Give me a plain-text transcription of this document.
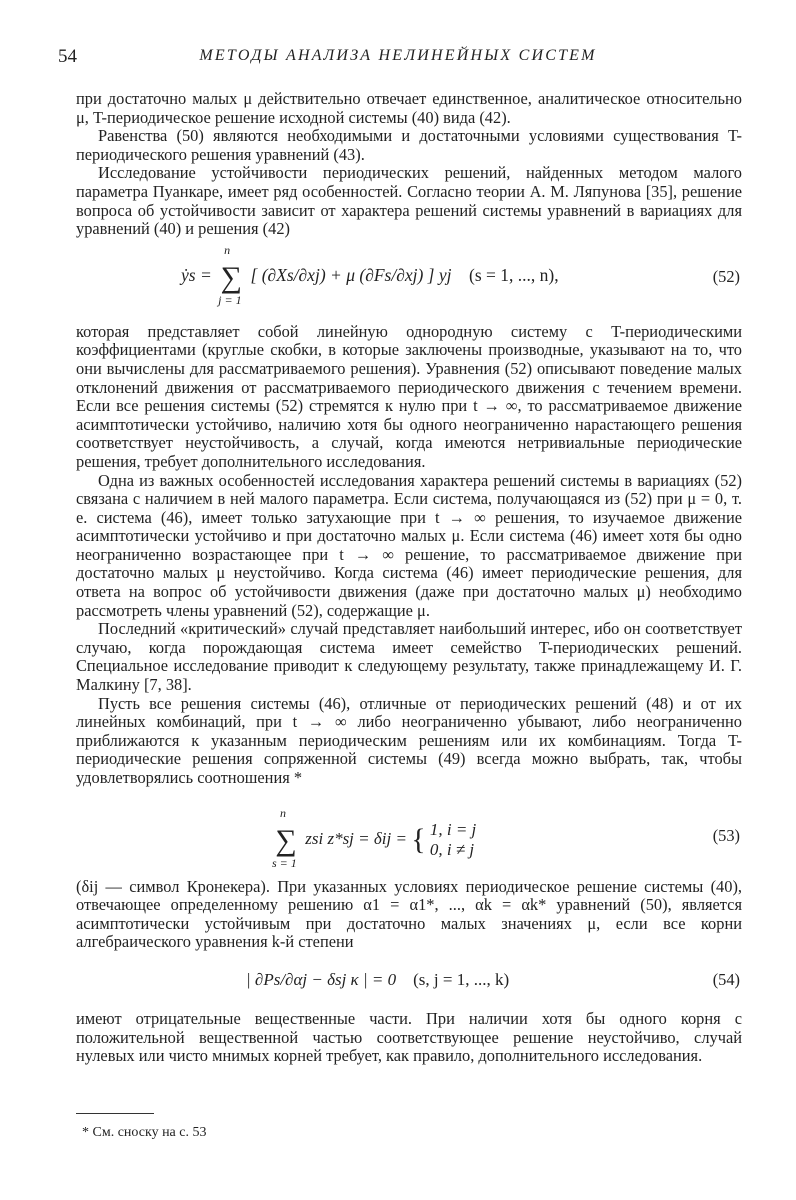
54	МЕТОДЫ АНАЛИЗА НЕЛИНЕЙНЫХ СИСТЕМ

при достаточно малых μ действительно отвечает единственное, аналитическое относительно μ, T-периодическое решение исходной системы (40) вида (42).

Равенства (50) являются необходимыми и достаточными условиями существования T-периодического решения уравнений (43).

Исследование устойчивости периодических решений, найденных методом малого параметра Пуанкаре, имеет ряд особенностей. Согласно теории А. М. Ляпунова [35], решение вопроса об устойчивости зависит от характера решений системы уравнений в вариациях для уравнений (40) и решения (42)

ẏs =
n
∑
j = 1
[ (∂Xs/∂xj) + μ (∂Fs/∂xj) ] yj (s = 1, ..., n),	(52)

которая представляет собой линейную однородную систему с T-периодическими коэффициентами (круглые скобки, в которые заключены производные, указывают на то, что они вычислены для рассматриваемого решения). Уравнения (52) описывают поведение малых отклонений движения от рассматриваемого периодического движения с течением времени. Если все решения системы (52) стремятся к нулю при t → ∞, то рассматриваемое движение асимптотически устойчиво, наличию хотя бы одного неограниченно нарастающего решения соответствует неустойчивость, а случай, когда имеются нетривиальные периодические решения, требует дополнительного исследования.

Одна из важных особенностей исследования характера решений системы в вариациях (52) связана с наличием в ней малого параметра. Если система, получающаяся из (52) при μ = 0, т. е. система (46), имеет только затухающие при t → ∞ решения, то изучаемое движение асимптотически устойчиво и при достаточно малых μ. Если система (46) имеет хотя бы одно неограниченно возрастающее при t → ∞ решение, то рассматриваемое движение при достаточно малых μ неустойчиво. Когда система (46) имеет периодические решения, для ответа на вопрос об устойчивости движения (даже при достаточно малых μ) необходимо рассмотреть члены уравнений (52), содержащие μ.

Последний «критический» случай представляет наибольший интерес, ибо он соответствует случаю, когда порождающая система имеет семейство T-периодических решений. Специальное исследование приводит к следующему результату, также принадлежащему И. Г. Малкину [7, 38].

Пусть все решения системы (46), отличные от периодических решений (48) и от их линейных комбинаций, при t → ∞ либо неограниченно убывают, либо неограниченно приближаются к указанным периодическим решениям или их комбинациям. Тогда T-периодические решения сопряженной системы (49) всегда можно выбрать, так, чтобы удовлетворялись соотношения *

n
∑
s = 1
zsi z*sj = δij = { 1, i = j
0, i ≠ j
(53)

(δij — символ Кронекера). При указанных условиях периодическое решение системы (40), отвечающее определенному решению α1 = α1*, ..., αk = αk* уравнений (50), является асимптотически устойчивым при достаточно малых значениях μ, если все корни алгебраического уравнения k-й степени

| ∂Ps/∂αj − δsj κ | = 0 (s, j = 1, ..., k)	(54)

имеют отрицательные вещественные части. При наличии хотя бы одного корня с положительной вещественной частью соответствующее решение неустойчиво, случай нулевых или чисто мнимых корней требует, как правило, дополнительного исследования.

* См. сноску на с. 53
